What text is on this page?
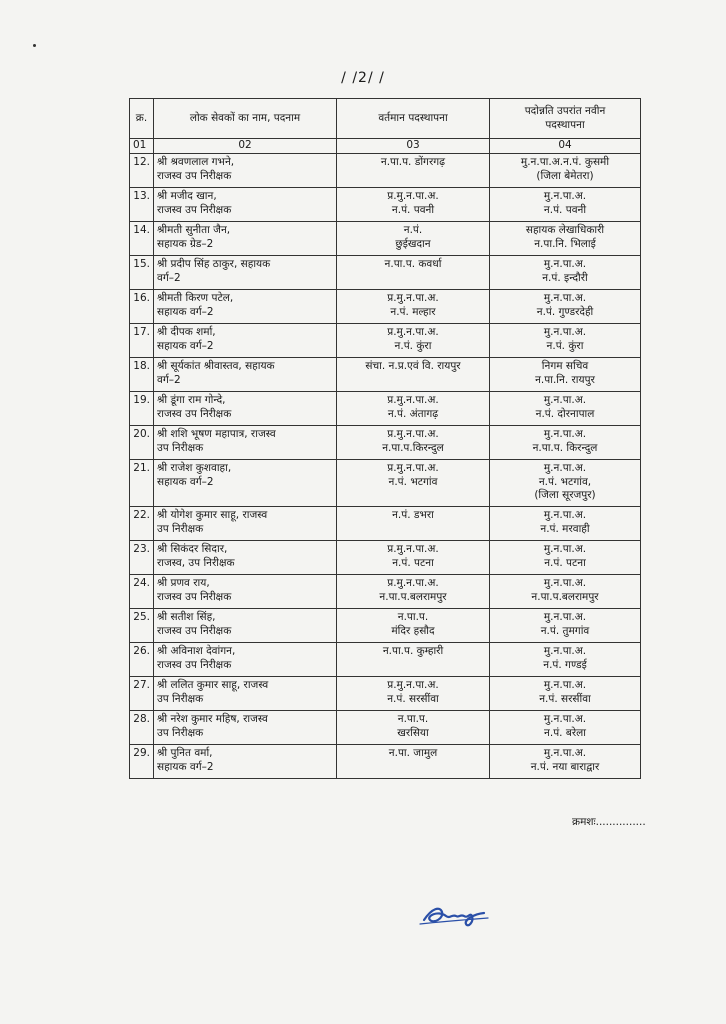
/ /2/ /
क्र.	लोक सेवकों का नाम, पदनाम	वर्तमान पदस्थापना	पदोन्नति उपरांत नवीन
पदस्थापना

01	02	03	04
12.	श्री श्रवणलाल गभने,
राजस्व उप निरीक्षक	न.पा.प. डोंगरगढ़	मु.न.पा.अ.न.पं. कुसमी
(जिला बेमेतरा)

13.	श्री मजीद खान,
राजस्व उप निरीक्षक	प्र.मु.न.पा.अ.
न.पं. पवनी	मु.न.पा.अ.
न.पं. पवनी

14.	श्रीमती सुनीता जैन,
सहायक ग्रेड–2	न.पं.
छुईखदान	सहायक लेखाधिकारी
न.पा.नि. भिलाई

15.	श्री प्रदीप सिंह ठाकुर, सहायक
वर्ग–2	न.पा.प. कवर्धा	मु.न.पा.अ.
न.पं. इन्दौरी

16.	श्रीमती किरण पटेल,
सहायक वर्ग–2	प्र.मु.न.पा.अ.
न.पं. मल्हार	मु.न.पा.अ.
न.पं. गुण्डरदेही

17.	श्री दीपक शर्मा,
सहायक वर्ग–2	प्र.मु.न.पा.अ.
न.पं. कुंरा	मु.न.पा.अ.
न.पं. कुंरा

18.	श्री सूर्यकांत श्रीवास्तव, सहायक
वर्ग–2	संचा. न.प्र.एवं वि. रायपुर	निगम सचिव
न.पा.नि. रायपुर

19.	श्री डूंगा राम गोन्दे,
राजस्व उप निरीक्षक	प्र.मु.न.पा.अ.
न.पं. अंतागढ़	मु.न.पा.अ.
न.पं. दोरनापाल

20.	श्री शशि भूषण महापात्र, राजस्व
उप निरीक्षक	प्र.मु.न.पा.अ.
न.पा.प.किरन्दुल	मु.न.पा.अ.
न.पा.प. किरन्दुल

21.	श्री राजेश कुशवाहा,
सहायक वर्ग–2	प्र.मु.न.पा.अ.
न.पं. भटगांव	मु.न.पा.अ.
न.पं. भटगांव,
(जिला सूरजपुर)

22.	श्री योगेश कुमार साहू, राजस्व
उप निरीक्षक	न.पं. डभरा	मु.न.पा.अ.
न.पं. मरवाही

23.	श्री सिकंदर सिदार,
राजस्व, उप निरीक्षक	प्र.मु.न.पा.अ.
न.पं. पटना	मु.न.पा.अ.
न.पं. पटना

24.	श्री प्रणव राय,
राजस्व उप निरीक्षक	प्र.मु.न.पा.अ.
न.पा.प.बलरामपुर	मु.न.पा.अ.
न.पा.प.बलरामपुर

25.	श्री सतीश सिंह,
राजस्व उप निरीक्षक	न.पा.प.
मंदिर हसौद	मु.न.पा.अ.
न.पं. तुमगांव

26.	श्री अविनाश देवांगन,
राजस्व उप निरीक्षक	न.पा.प. कुम्हारी	मु.न.पा.अ.
न.पं. गण्डई

27.	श्री ललित कुमार साहू, राजस्व
उप निरीक्षक	प्र.मु.न.पा.अ.
न.पं. सरसींवा	मु.न.पा.अ.
न.पं. सरसींवा

28.	श्री नरेश कुमार महिष, राजस्व
उप निरीक्षक	न.पा.प.
खरसिया	मु.न.पा.अ.
न.पं. बरेला

29.	श्री पुनित वर्मा,
सहायक वर्ग–2	न.पा. जामुल	मु.न.पा.अ.
न.पं. नया बाराद्वार
क्रमशः...............
